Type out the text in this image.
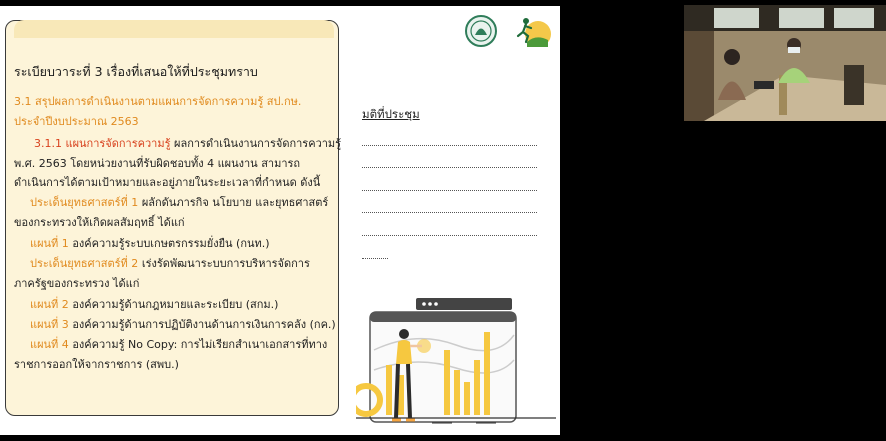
ระเบียบวาระที่ 3 เรื่องที่เสนอให้ที่ประชุมทราบ
3.1 สรุปผลการดำเนินงานตามแผนการจัดการความรู้ สป.กษ.
ประจำปีงบประมาณ 2563
3.1.1 แผนการจัดการความรู้ ผลการดำเนินงานการจัดการความรู้
พ.ศ. 2563 โดยหน่วยงานที่รับผิดชอบทั้ง 4 แผนงาน สามารถ
ดำเนินการได้ตามเป้าหมายและอยู่ภายในระยะเวลาที่กำหนด ดังนี้
ประเด็นยุทธศาสตร์ที่ 1 ผลักดันภารกิจ นโยบาย และยุทธศาสตร์
ของกระทรวงให้เกิดผลสัมฤทธิ์ ได้แก่
แผนที่ 1 องค์ความรู้ระบบเกษตรกรรมยั่งยืน (กนท.)
ประเด็นยุทธศาสตร์ที่ 2 เร่งรัดพัฒนาระบบการบริหารจัดการ
ภาครัฐของกระทรวง ได้แก่
แผนที่ 2 องค์ความรู้ด้านกฎหมายและระเบียบ (สกม.)
แผนที่ 3 องค์ความรู้ด้านการปฏิบัติงานด้านการเงินการคลัง (กค.)
แผนที่ 4 องค์ความรู้ No Copy: การไม่เรียกสำเนาเอกสารที่ทาง
ราชการออกให้จากราชการ (สพบ.)
มติที่ประชุม
